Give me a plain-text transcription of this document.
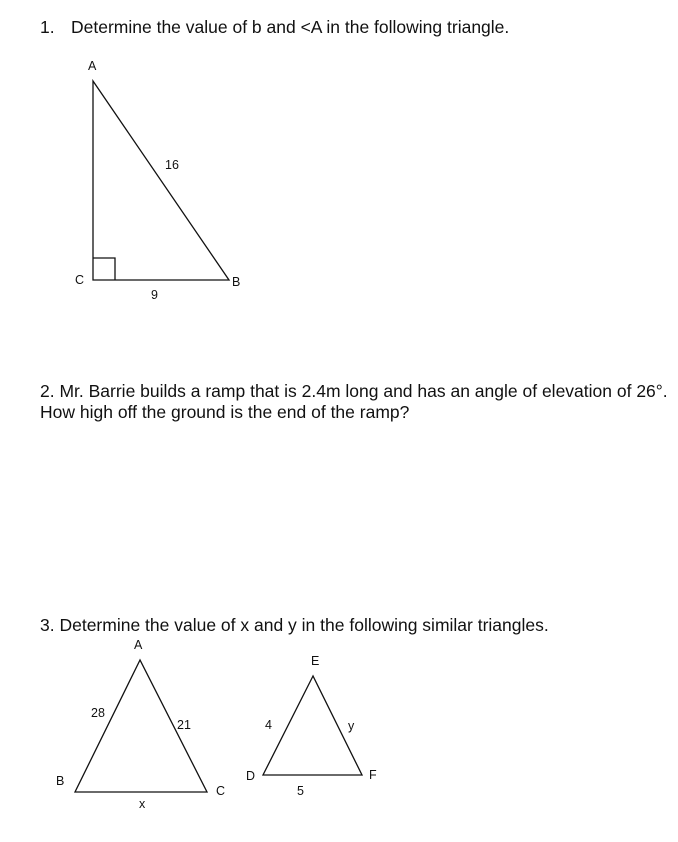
1. Determine the value of b and <A in the following triangle.

A
B
C
16
9

2. Mr. Barrie builds a ramp that is 2.4m long and has an angle of elevation of 26°. How high off the ground is the end of the ramp?

3. Determine the value of x and y in the following similar triangles.

A
B
C
28
21
x
D
E
F
4	y
5
